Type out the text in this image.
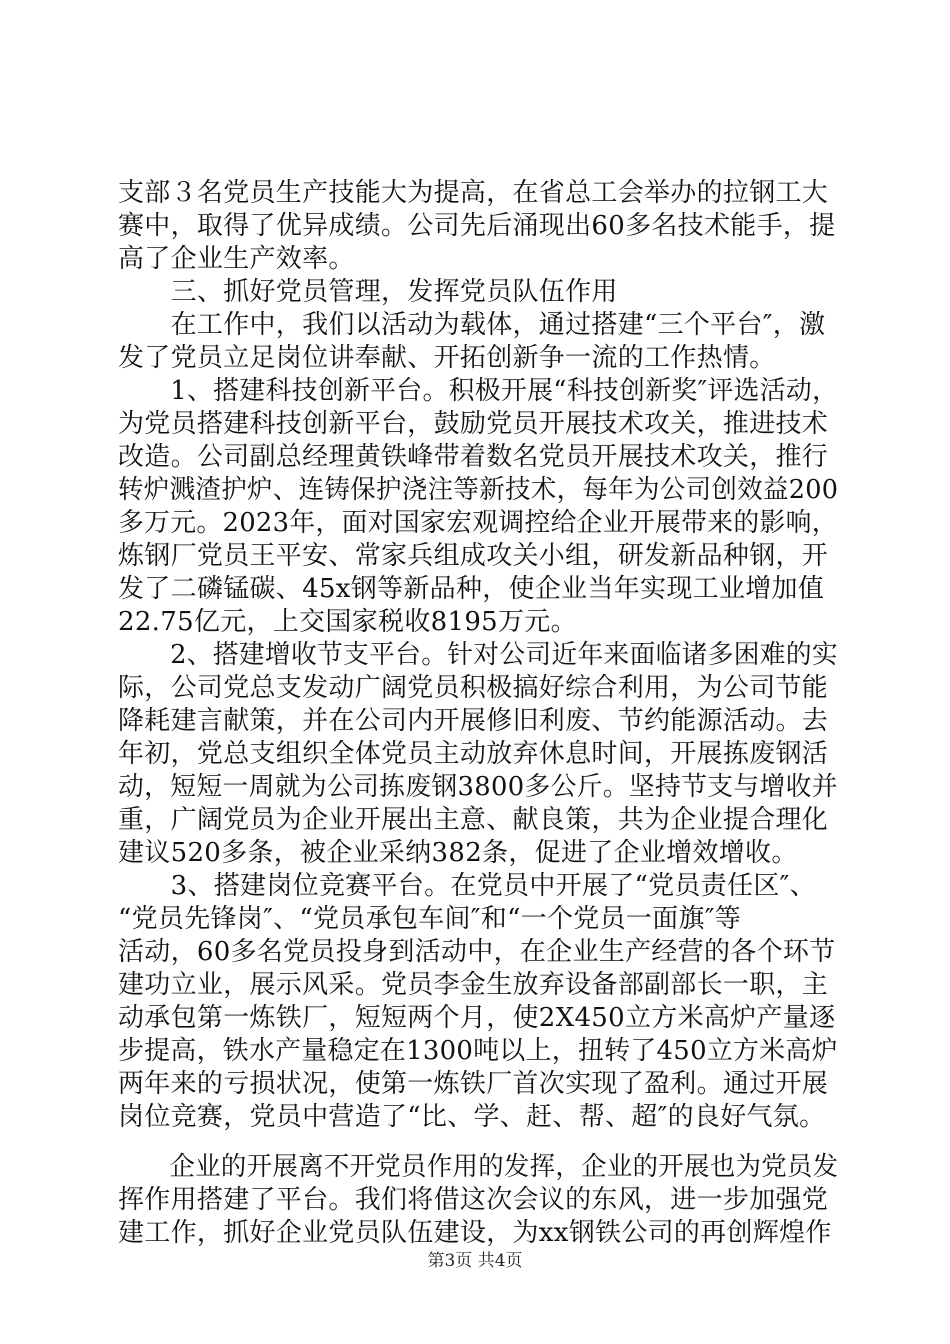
支部３名党员生产技能大为提高，在省总工会举办的拉钢工大
赛中，取得了优异成绩。公司先后涌现出60多名技术能手，提
高了企业生产效率。
　　三、抓好党员管理，发挥党员队伍作用
　　在工作中，我们以活动为载体，通过搭建“三个平台″，激
发了党员立足岗位讲奉献、开拓创新争一流的工作热情。
　　1、搭建科技创新平台。积极开展“科技创新奖″评选活动，
为党员搭建科技创新平台，鼓励党员开展技术攻关，推进技术
改造。公司副总经理黄铁峰带着数名党员开展技术攻关，推行
转炉溅渣护炉、连铸保护浇注等新技术，每年为公司创效益200
多万元。2023年，面对国家宏观调控给企业开展带来的影响，
炼钢厂党员王平安、常家兵组成攻关小组，研发新品种钢，开
发了二磷锰碳、45x钢等新品种，使企业当年实现工业增加值
22.75亿元，上交国家税收8195万元。
　　2、搭建增收节支平台。针对公司近年来面临诸多困难的实
际，公司党总支发动广阔党员积极搞好综合利用，为公司节能
降耗建言献策，并在公司内开展修旧利废、节约能源活动。去
年初，党总支组织全体党员主动放弃休息时间，开展拣废钢活
动，短短一周就为公司拣废钢3800多公斤。坚持节支与增收并
重，广阔党员为企业开展出主意、献良策，共为企业提合理化
建议520多条，被企业采纳382条，促进了企业增效增收。
　　3、搭建岗位竞赛平台。在党员中开展了“党员责任区″、
“党员先锋岗″、“党员承包车间″和“一个党员一面旗″等
活动，60多名党员投身到活动中，在企业生产经营的各个环节
建功立业，展示风采。党员李金生放弃设备部副部长一职，主
动承包第一炼铁厂，短短两个月，使2X450立方米高炉产量逐
步提高，铁水产量稳定在1300吨以上，扭转了450立方米高炉
两年来的亏损状况，使第一炼铁厂首次实现了盈利。通过开展
岗位竞赛，党员中营造了“比、学、赶、帮、超″的良好气氛。
　　企业的开展离不开党员作用的发挥，企业的开展也为党员发
挥作用搭建了平台。我们将借这次会议的东风，进一步加强党
建工作，抓好企业党员队伍建设，为xx钢铁公司的再创辉煌作
第3页 共4页
